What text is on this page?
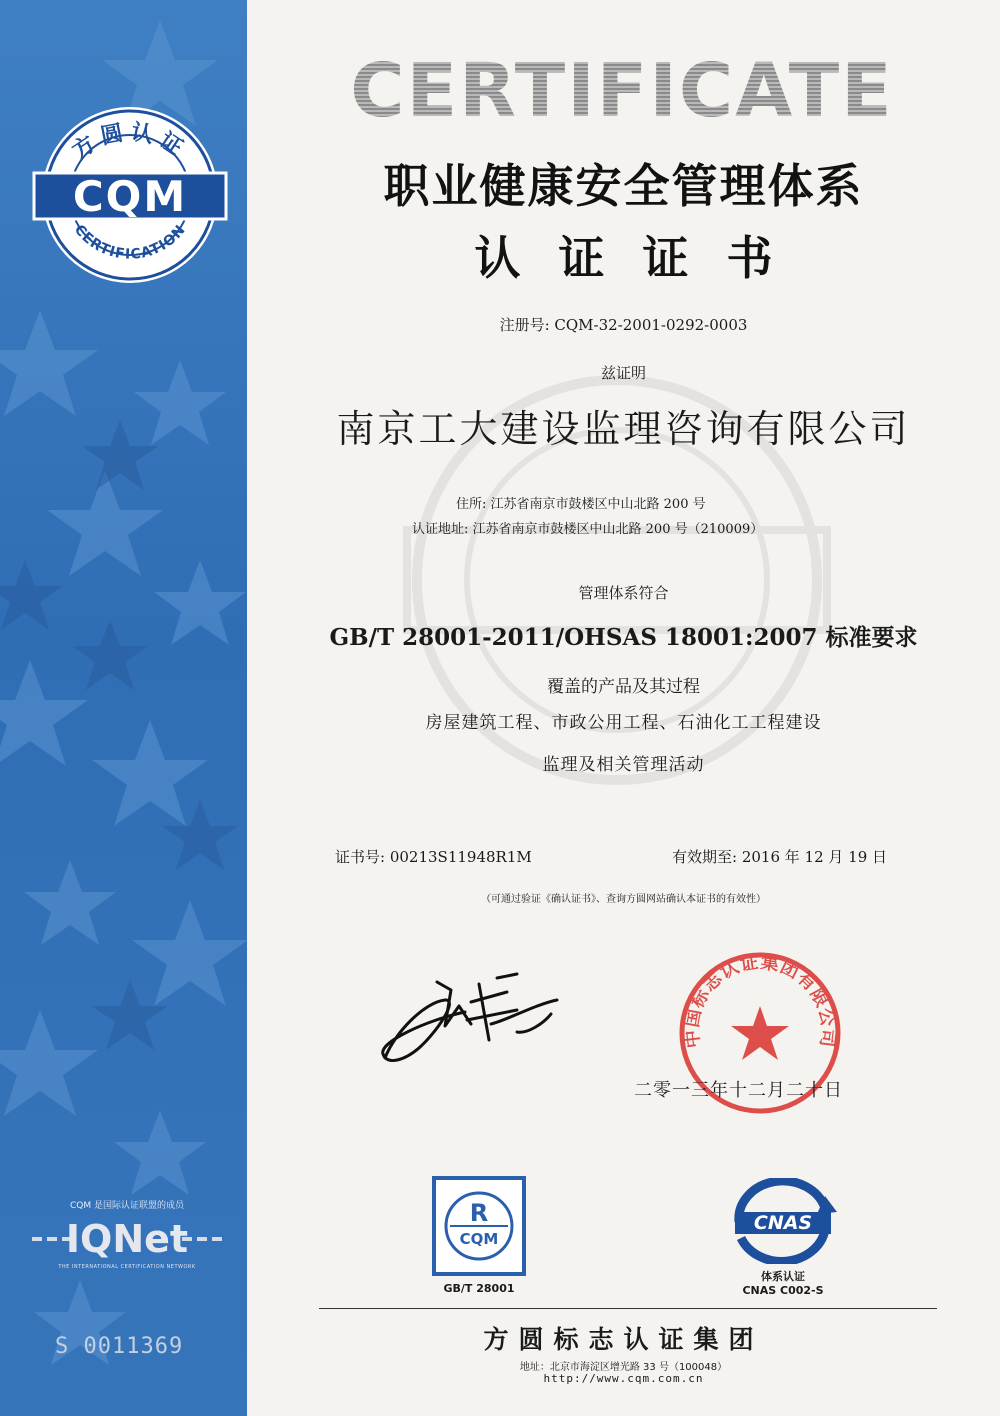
方圆认证
CQM
CERTIFICATION
CQM 是国际认证联盟的成员
IQNet
THE INTERNATIONAL CERTIFICATION NETWORK
S 0011369
CERTIFICATE
职业健康安全管理体系
认证证书
注册号: CQM-32-2001-0292-0003
兹证明
南京工大建设监理咨询有限公司
住所: 江苏省南京市鼓楼区中山北路 200 号
认证地址: 江苏省南京市鼓楼区中山北路 200 号（210009）
管理体系符合
GB/T 28001-2011/OHSAS 18001:2007 标准要求
覆盖的产品及其过程
房屋建筑工程、市政公用工程、石油化工工程建设
监理及相关管理活动
证书号: 00213S11948R1M	有效期至: 2016 年 12 月 19 日
（可通过验证《确认证书》、查询方圆网站确认本证书的有效性）
中国标志认证集团有限公司
二零一三年十二月二十日
R
CQM
GB/T 28001
CNAS
体系认证
CNAS C002-S
方圆标志认证集团
地址：北京市海淀区增光路 33 号（100048）
http://www.cqm.com.cn
